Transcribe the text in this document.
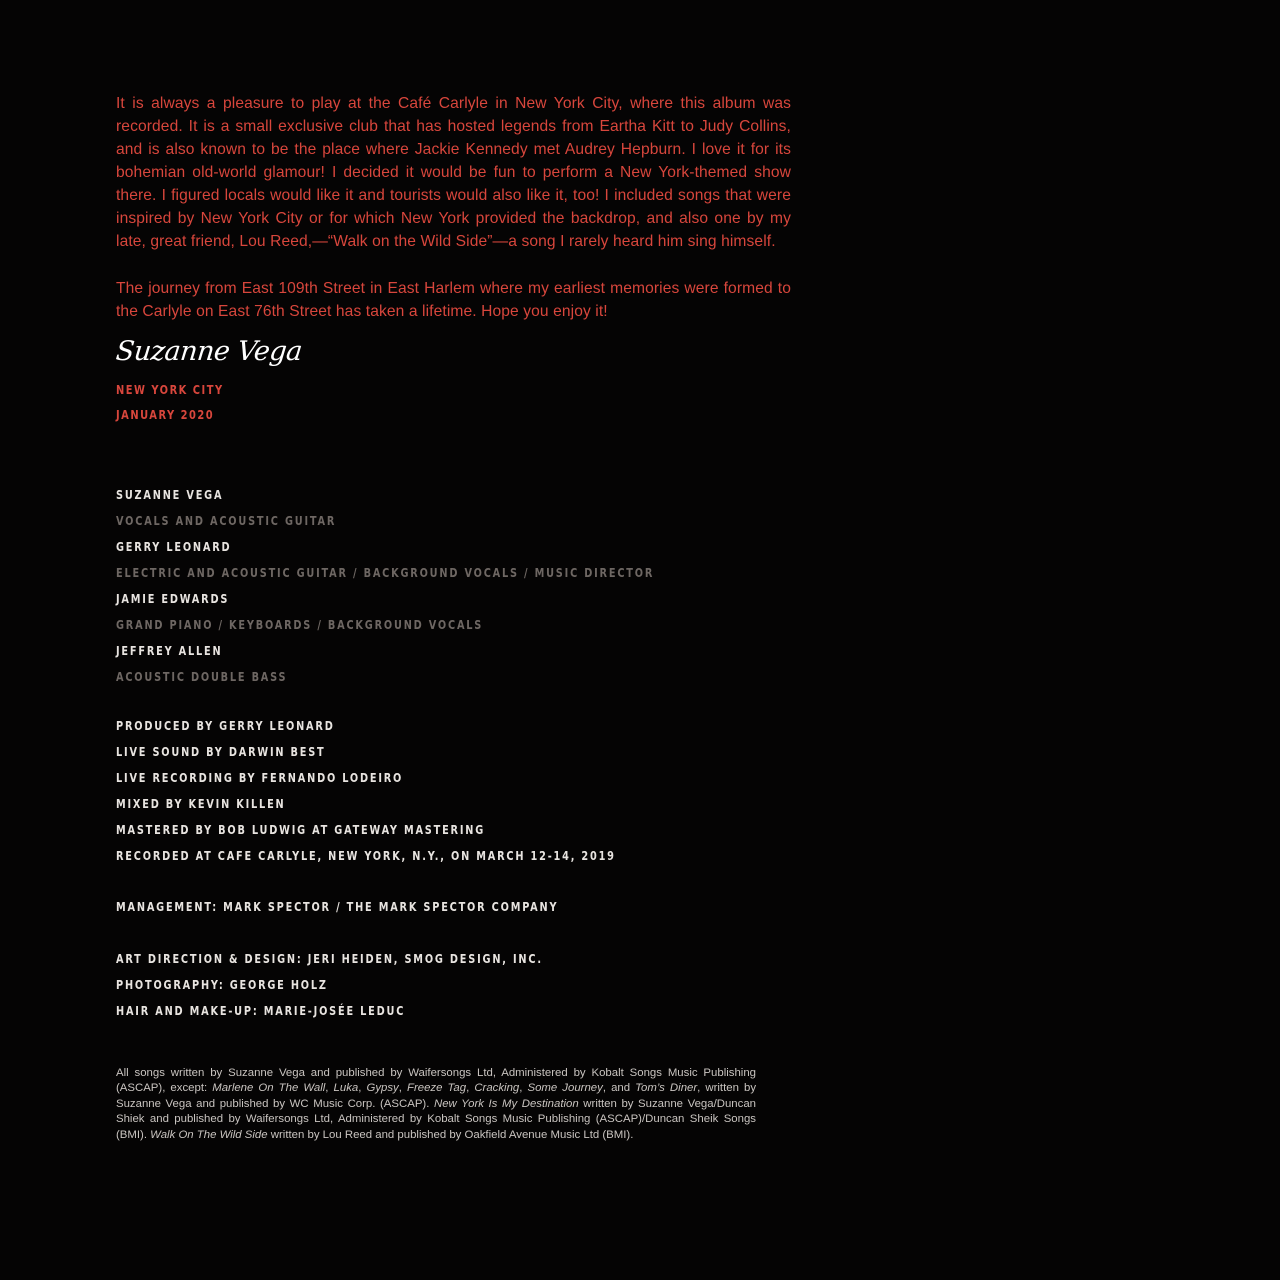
It is always a pleasure to play at the Café Carlyle in New York City, where this album was recorded. It is a small exclusive club that has hosted legends from Eartha Kitt to Judy Collins, and is also known to be the place where Jackie Kennedy met Audrey Hepburn. I love it for its bohemian old-world glamour! I decided it would be fun to perform a New York-themed show there. I figured locals would like it and tourists would also like it, too! I included songs that were inspired by New York City or for which New York provided the backdrop, and also one by my late, great friend, Lou Reed,—“Walk on the Wild Side”—a song I rarely heard him sing himself.

The journey from East 109th Street in East Harlem where my earliest memories were formed to the Carlyle on East 76th Street has taken a lifetime. Hope you enjoy it!

Suzanne Vega
NEW YORK CITY
JANUARY 2020
SUZANNE VEGA
VOCALS AND ACOUSTIC GUITAR
GERRY LEONARD
ELECTRIC AND ACOUSTIC GUITAR / BACKGROUND VOCALS / MUSIC DIRECTOR
JAMIE EDWARDS
GRAND PIANO / KEYBOARDS / BACKGROUND VOCALS
JEFFREY ALLEN
ACOUSTIC DOUBLE BASS
PRODUCED BY GERRY LEONARD
LIVE SOUND BY DARWIN BEST
LIVE RECORDING BY FERNANDO LODEIRO
MIXED BY KEVIN KILLEN
MASTERED BY BOB LUDWIG AT GATEWAY MASTERING
RECORDED AT CAFE CARLYLE, NEW YORK, N.Y., ON MARCH 12-14, 2019
MANAGEMENT: MARK SPECTOR / THE MARK SPECTOR COMPANY
ART DIRECTION & DESIGN: JERI HEIDEN, SMOG DESIGN, INC.
PHOTOGRAPHY: GEORGE HOLZ
HAIR AND MAKE-UP: MARIE-JOSÉE LEDUC
All songs written by Suzanne Vega and published by Waifersongs Ltd, Administered by Kobalt Songs Music Publishing (ASCAP), except: Marlene On The Wall, Luka, Gypsy, Freeze Tag, Cracking, Some Journey, and Tom’s Diner, written by Suzanne Vega and published by WC Music Corp. (ASCAP). New York Is My Destination written by Suzanne Vega/Duncan Shiek and published by Waifersongs Ltd, Administered by Kobalt Songs Music Publishing (ASCAP)/Duncan Sheik Songs (BMI). Walk On The Wild Side written by Lou Reed and published by Oakfield Avenue Music Ltd (BMI).
